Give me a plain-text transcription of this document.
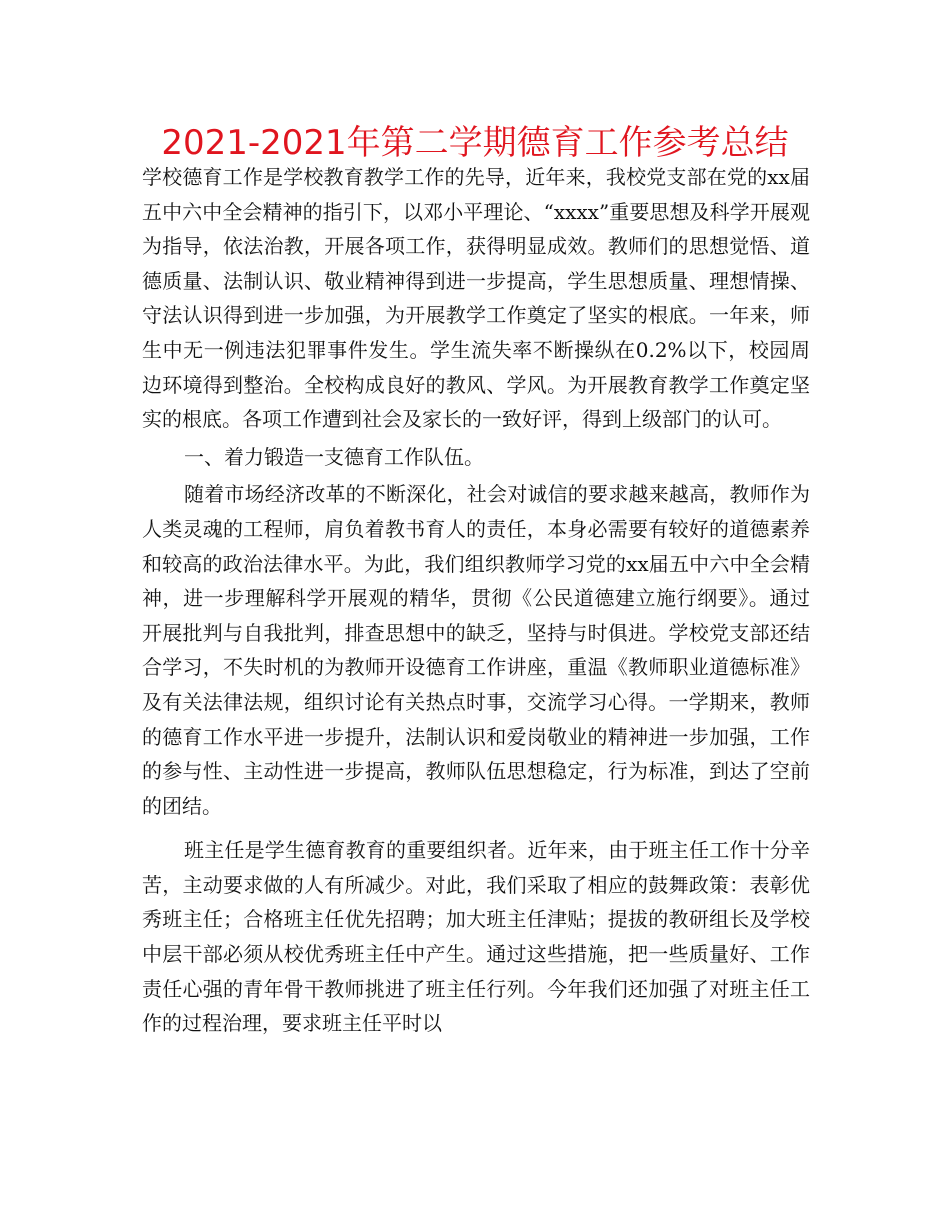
2021-2021年第二学期德育工作参考总结

学校德育工作是学校教育教学工作的先导，近年来，我校党支部在党的xx届五中六中全会精神的指引下，以邓小平理论、“xxxx”重要思想及科学开展观为指导，依法治教，开展各项工作，获得明显成效。教师们的思想觉悟、道德质量、法制认识、敬业精神得到进一步提高，学生思想质量、理想情操、守法认识得到进一步加强，为开展教学工作奠定了坚实的根底。一年来，师生中无一例违法犯罪事件发生。学生流失率不断操纵在0.2%以下，校园周边环境得到整治。全校构成良好的教风、学风。为开展教育教学工作奠定坚实的根底。各项工作遭到社会及家长的一致好评，得到上级部门的认可。

一、着力锻造一支德育工作队伍。

随着市场经济改革的不断深化，社会对诚信的要求越来越高，教师作为人类灵魂的工程师，肩负着教书育人的责任，本身必需要有较好的道德素养和较高的政治法律水平。为此，我们组织教师学习党的xx届五中六中全会精神，进一步理解科学开展观的精华，贯彻《公民道德建立施行纲要》。通过开展批判与自我批判，排查思想中的缺乏，坚持与时俱进。学校党支部还结合学习，不失时机的为教师开设德育工作讲座，重温《教师职业道德标准》及有关法律法规，组织讨论有关热点时事，交流学习心得。一学期来，教师的德育工作水平进一步提升，法制认识和爱岗敬业的精神进一步加强，工作的参与性、主动性进一步提高，教师队伍思想稳定，行为标准，到达了空前的团结。

班主任是学生德育教育的重要组织者。近年来，由于班主任工作十分辛苦，主动要求做的人有所减少。对此，我们采取了相应的鼓舞政策：表彰优秀班主任；合格班主任优先招聘；加大班主任津贴；提拔的教研组长及学校中层干部必须从校优秀班主任中产生。通过这些措施，把一些质量好、工作责任心强的青年骨干教师挑进了班主任行列。今年我们还加强了对班主任工作的过程治理，要求班主任平时以
